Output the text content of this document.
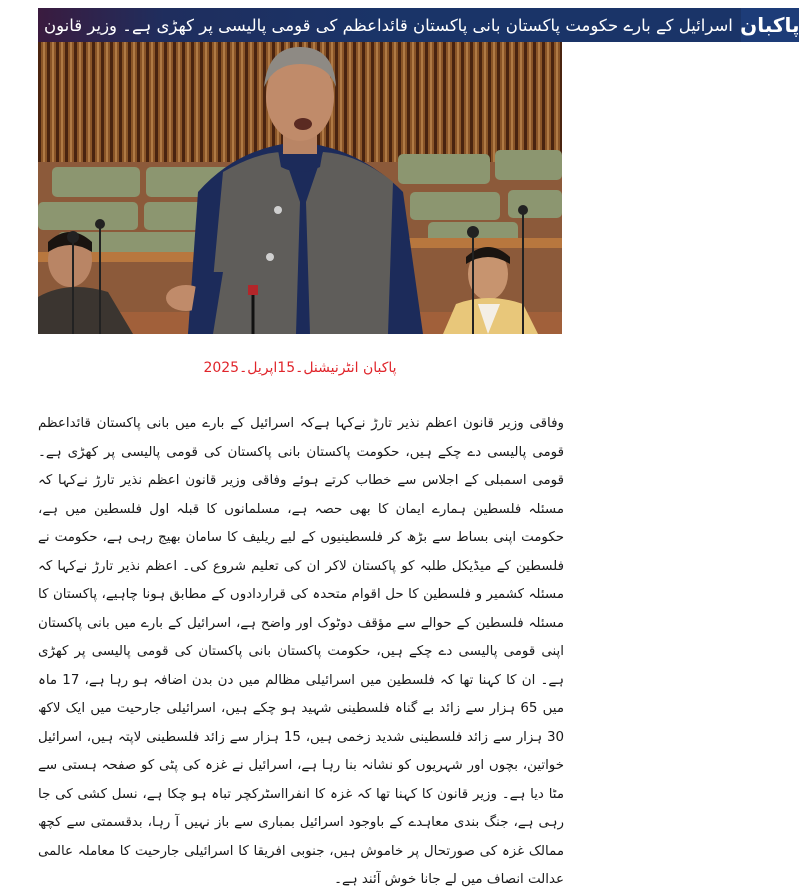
اسرائیل کے بارے حکومت پاکستان بانی پاکستان قائداعظم کی قومی پالیسی پر کھڑی ہے۔ وزیر قانون پاکبان
پاکبان انٹرنیشنل۔15اپریل۔2025

وفاقی وزیر قانون اعظم نذیر تارڑ نےکہا ہےکہ اسرائیل کے بارے میں بانی پاکستان قائداعظم قومی پالیسی دے چکے ہیں، حکومت پاکستان بانی پاکستان کی قومی پالیسی پر کھڑی ہے۔ قومی اسمبلی کے اجلاس سے خطاب کرتے ہوئے وفاقی وزیر قانون اعظم نذیر تارڑ نےکہا کہ مسئلہ فلسطین ہمارے ایمان کا بھی حصہ ہے، مسلمانوں کا قبلہ اول فلسطین میں ہے، حکومت اپنی بساط سے بڑھ کر فلسطینیوں کے لیے ریلیف کا سامان بھیج رہی ہے، حکومت نے فلسطین کے میڈیکل طلبہ کو پاکستان لاکر ان کی تعلیم شروع کی۔ اعظم نذیر تارڑ نےکہا کہ مسئلہ کشمیر و فلسطین کا حل اقوام متحدہ کی قراردادوں کے مطابق ہونا چاہیے، پاکستان کا مسئلہ فلسطین کے حوالے سے مؤقف دوٹوک اور واضح ہے، اسرائیل کے بارے میں بانی پاکستان اپنی قومی پالیسی دے چکے ہیں، حکومت پاکستان بانی پاکستان کی قومی پالیسی پر کھڑی ہے۔ ان کا کہنا تھا کہ فلسطین میں اسرائیلی مظالم میں دن بدن اضافہ ہو رہا ہے، 17 ماہ میں 65 ہزار سے زائد بے گناہ فلسطینی شہید ہو چکے ہیں، اسرائیلی جارحیت میں ایک لاکھ 30 ہزار سے زائد فلسطینی شدید زخمی ہیں، 15 ہزار سے زائد فلسطینی لاپتہ ہیں، اسرائیل خواتین، بچوں اور شہریوں کو نشانہ بنا رہا ہے، اسرائیل نے غزہ کی پٹی کو صفحہ ہستی سے مٹا دیا ہے۔ وزیر قانون کا کہنا تھا کہ غزہ کا انفرااسٹرکچر تباہ ہو چکا ہے، نسل کشی کی جا رہی ہے، جنگ بندی معاہدے کے باوجود اسرائیل بمباری سے باز نہیں آ رہا، بدقسمتی سے کچھ ممالک غزہ کی صورتحال پر خاموش ہیں، جنوبی افریقا کا اسرائیلی جارحیت کا معاملہ عالمی عدالت انصاف میں لے جانا خوش آئند ہے۔
